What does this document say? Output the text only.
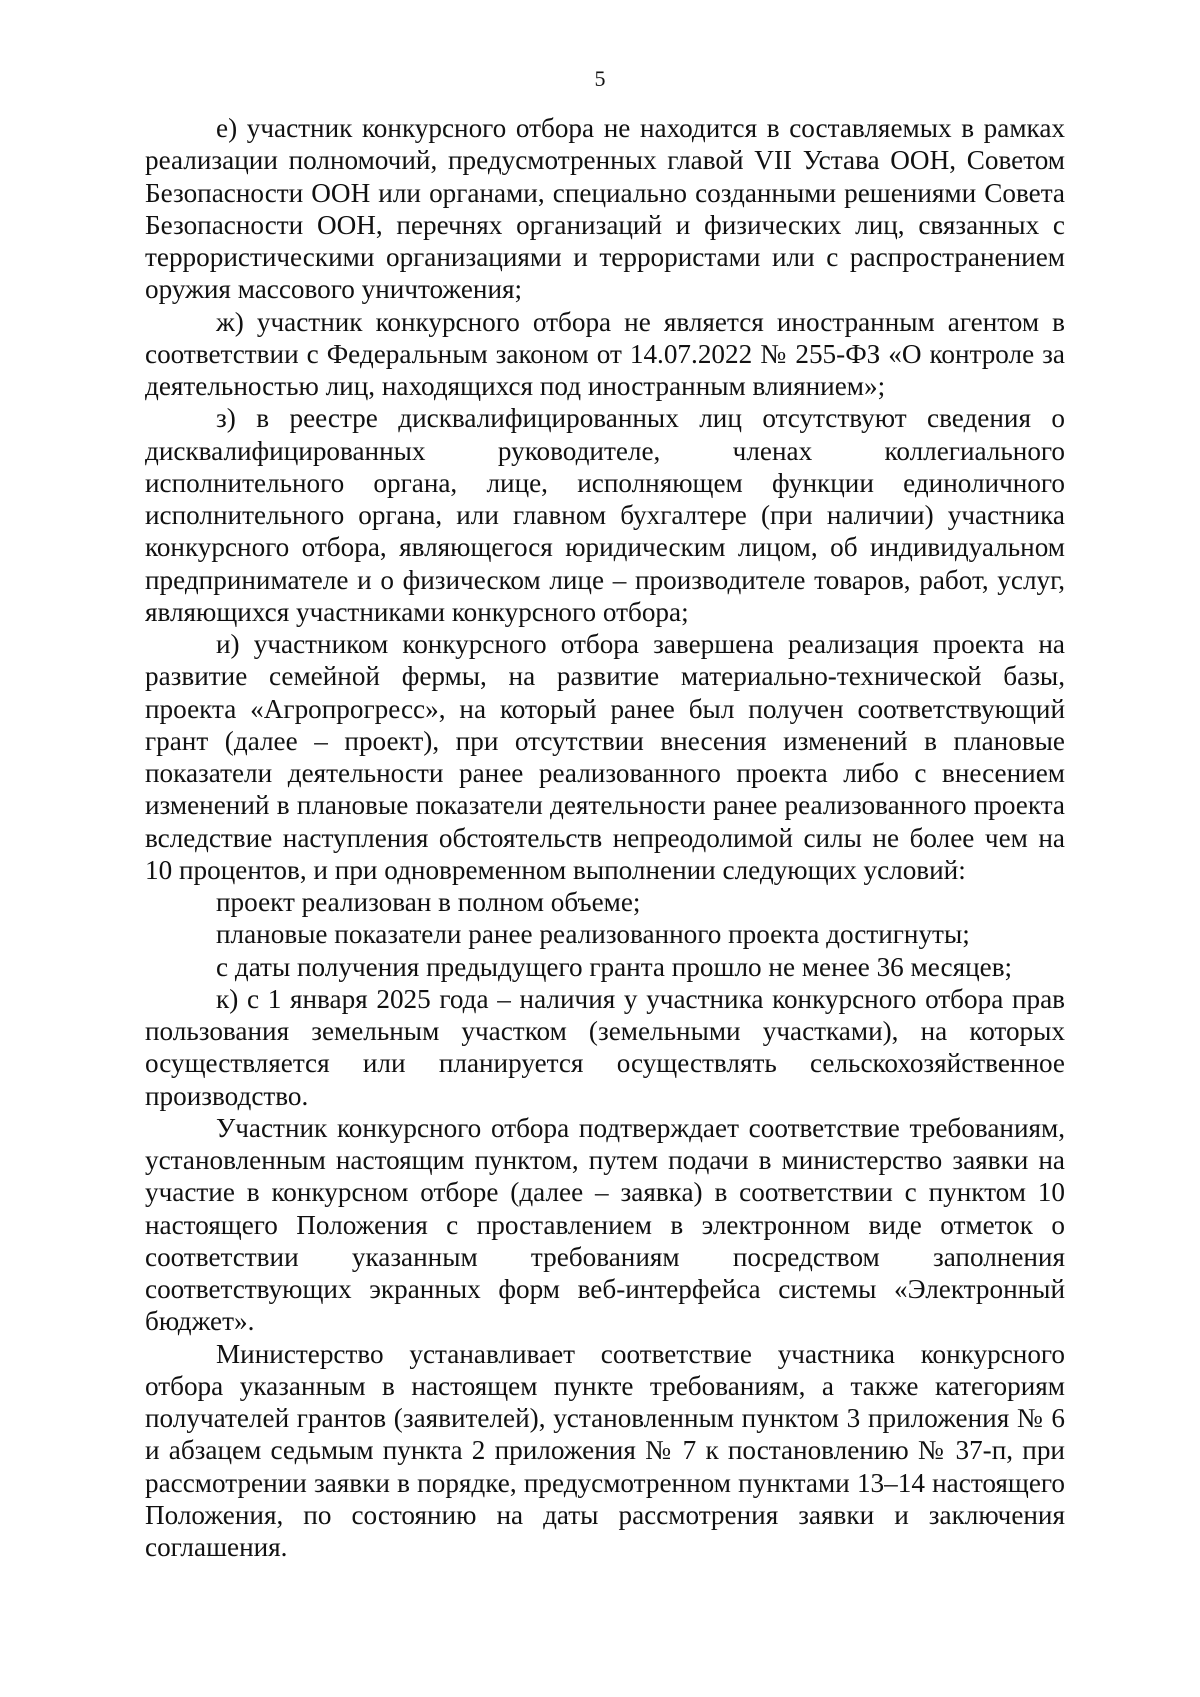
5

е) участник конкурсного отбора не находится в составляемых в рамках реализации полномочий, предусмотренных главой VII Устава ООН, Советом Безопасности ООН или органами, специально созданными решениями Совета Безопасности ООН, перечнях организаций и физических лиц, связанных с террористическими организациями и террористами или с распространением оружия массового уничтожения;

ж) участник конкурсного отбора не является иностранным агентом в соответствии с Федеральным законом от 14.07.2022 № 255-ФЗ «О контроле за деятельностью лиц, находящихся под иностранным влиянием»;

з) в реестре дисквалифицированных лиц отсутствуют сведения о дисквалифицированных руководителе, членах коллегиального исполнительного органа, лице, исполняющем функции единоличного исполнительного органа, или главном бухгалтере (при наличии) участника конкурсного отбора, являющегося юридическим лицом, об индивидуальном предпринимателе и о физическом лице – производителе товаров, работ, услуг, являющихся участниками конкурсного отбора;

и) участником конкурсного отбора завершена реализация проекта на развитие семейной фермы, на развитие материально-технической базы, проекта «Агропрогресс», на который ранее был получен соответствующий грант (далее – проект), при отсутствии внесения изменений в плановые показатели деятельности ранее реализованного проекта либо с внесением изменений в плановые показатели деятельности ранее реализованного проекта вследствие наступления обстоятельств непреодолимой силы не более чем на 10 процентов, и при одновременном выполнении следующих условий:

проект реализован в полном объеме;

плановые показатели ранее реализованного проекта достигнуты;

с даты получения предыдущего гранта прошло не менее 36 месяцев;

к) с 1 января 2025 года – наличия у участника конкурсного отбора прав пользования земельным участком (земельными участками), на которых осуществляется или планируется осуществлять сельскохозяйственное производство.

Участник конкурсного отбора подтверждает соответствие требованиям, установленным настоящим пунктом, путем подачи в министерство заявки на участие в конкурсном отборе (далее – заявка) в соответствии с пунктом 10 настоящего Положения с проставлением в электронном виде отметок о соответствии указанным требованиям посредством заполнения соответствующих экранных форм веб-интерфейса системы «Электронный бюджет».

Министерство устанавливает соответствие участника конкурсного отбора указанным в настоящем пункте требованиям, а также категориям получателей грантов (заявителей), установленным пунктом 3 приложения № 6 и абзацем седьмым пункта 2 приложения № 7 к постановлению № 37-п, при рассмотрении заявки в порядке, предусмотренном пунктами 13–14 настоящего Положения, по состоянию на даты рассмотрения заявки и заключения соглашения.
